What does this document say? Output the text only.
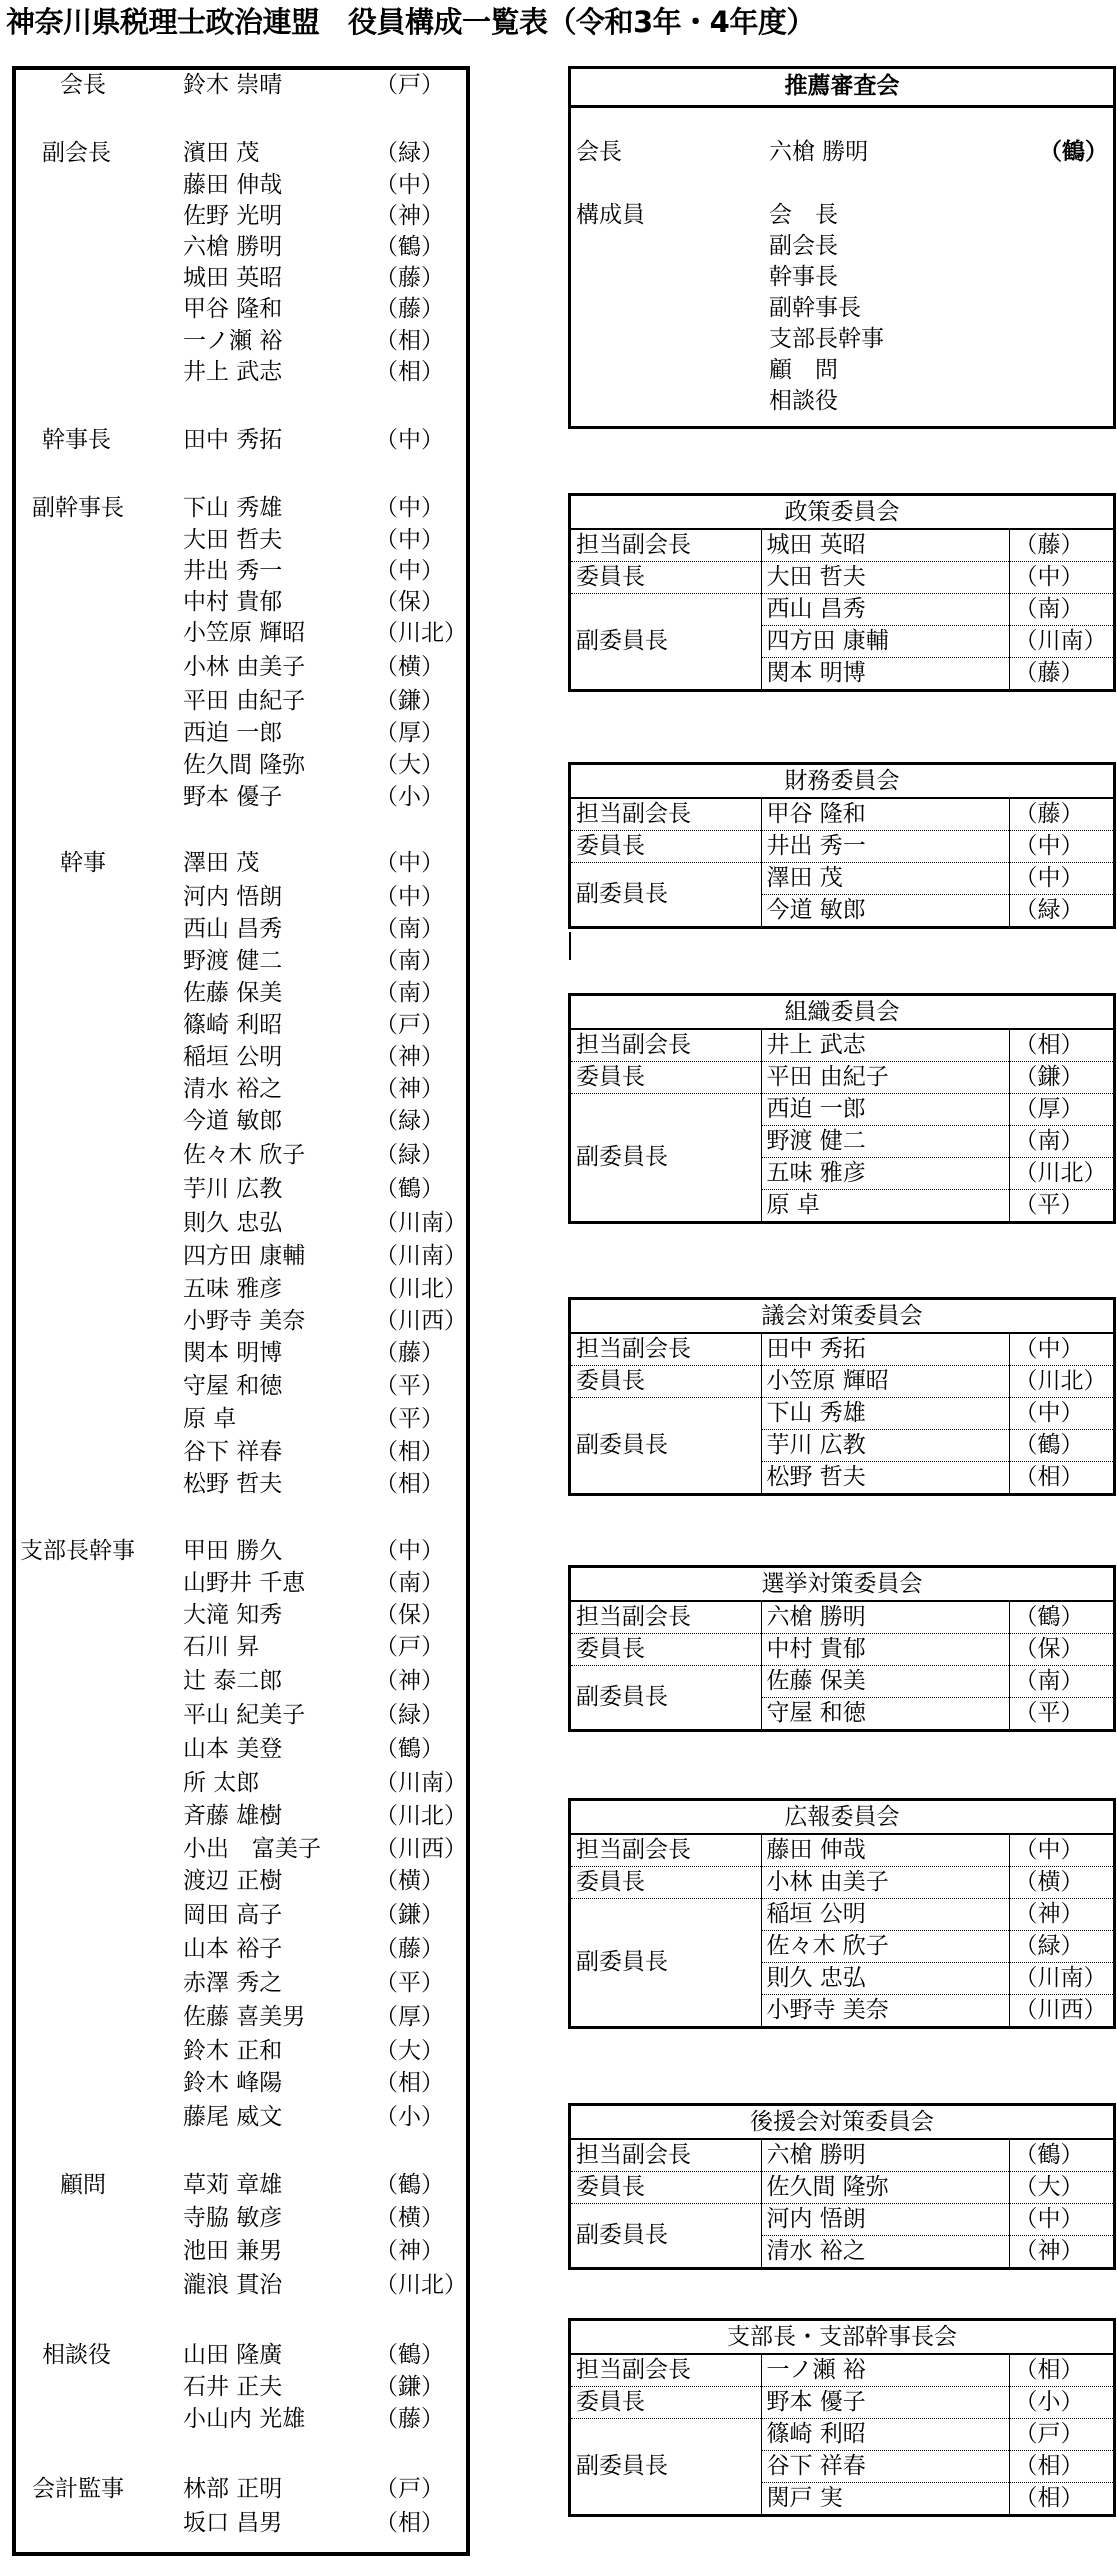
神奈川県税理士政治連盟　役員構成一覧表（令和3年・4年度）
会長	鈴木 崇晴	（戸）
副会長	濱田 茂	（緑）
藤田 伸哉	（中）
佐野 光明	（神）
六槍 勝明	（鶴）
城田 英昭	（藤）
甲谷 隆和	（藤）
一ノ瀬 裕	（相）
井上 武志	（相）
幹事長	田中 秀拓	（中）
副幹事長	下山 秀雄	（中）
大田 哲夫	（中）
井出 秀一	（中）
中村 貴郁	（保）
小笠原 輝昭	（川北）
小林 由美子	（横）
平田 由紀子	（鎌）
西迫 一郎	（厚）
佐久間 隆弥	（大）
野本 優子	（小）
幹事	澤田 茂	（中）
河内 悟朗	（中）
西山 昌秀	（南）
野渡 健二	（南）
佐藤 保美	（南）
篠崎 利昭	（戸）
稲垣 公明	（神）
清水 裕之	（神）
今道 敏郎	（緑）
佐々木 欣子	（緑）
芋川 広教	（鶴）
則久 忠弘	（川南）
四方田 康輔	（川南）
五味 雅彦	（川北）
小野寺 美奈	（川西）
関本 明博	（藤）
守屋 和徳	（平）
原 卓	（平）
谷下 祥春	（相）
松野 哲夫	（相）
支部長幹事 甲田 勝久	（中）
山野井 千恵	（南）
大滝 知秀	（保）
石川 昇	（戸）
辻 泰二郎	（神）
平山 紀美子	（緑）
山本 美登	（鶴）
所 太郎	（川南）
斉藤 雄樹	（川北）
小出　富美子 （川西）
渡辺 正樹	（横）
岡田 高子	（鎌）
山本 裕子	（藤）
赤澤 秀之	（平）
佐藤 喜美男	（厚）
鈴木 正和	（大）
鈴木 峰陽	（相）
藤尾 威文	（小）
顧問	草苅 章雄	（鶴）
寺脇 敏彦	（横）
池田 兼男	（神）
瀧浪 貫治	（川北）
相談役	山田 隆廣	（鶴）
石井 正夫	（鎌）
小山内 光雄	（藤）
会計監事	林部 正明	（戸）
坂口 昌男	（相）
推薦審査会
会長	六槍 勝明	（鶴）
構成員	会　長
副会長
幹事長
副幹事長
支部長幹事
顧　問
相談役
政策委員会		
担当副会長	城田 英昭	（藤）
委員長	大田 哲夫	（中）
副委員長	西山 昌秀	（南）
	四方田 康輔	（川南）
	関本 明博	（藤）
財務委員会		
担当副会長	甲谷 隆和	（藤）
委員長	井出 秀一	（中）
副委員長	澤田 茂	（中）
	今道 敏郎	（緑）
組織委員会		
担当副会長	井上 武志	（相）
委員長	平田 由紀子	（鎌）
副委員長	西迫 一郎	（厚）
	野渡 健二	（南）
	五味 雅彦	（川北）
	原 卓	（平）
議会対策委員会		
担当副会長	田中 秀拓	（中）
委員長	小笠原 輝昭	（川北）
副委員長	下山 秀雄	（中）
	芋川 広教	（鶴）
	松野 哲夫	（相）
選挙対策委員会		
担当副会長	六槍 勝明	（鶴）
委員長	中村 貴郁	（保）
副委員長	佐藤 保美	（南）
	守屋 和徳	（平）
広報委員会		
担当副会長	藤田 伸哉	（中）
委員長	小林 由美子	（横）
副委員長	稲垣 公明	（神）
	佐々木 欣子	（緑）
	則久 忠弘	（川南）
	小野寺 美奈	（川西）
後援会対策委員会		
担当副会長	六槍 勝明	（鶴）
委員長	佐久間 隆弥	（大）
副委員長	河内 悟朗	（中）
	清水 裕之	（神）
支部長・支部幹事長会		
担当副会長	一ノ瀬 裕	（相）
委員長	野本 優子	（小）
副委員長	篠崎 利昭	（戸）
	谷下 祥春	（相）
	関戸 実	（相）
